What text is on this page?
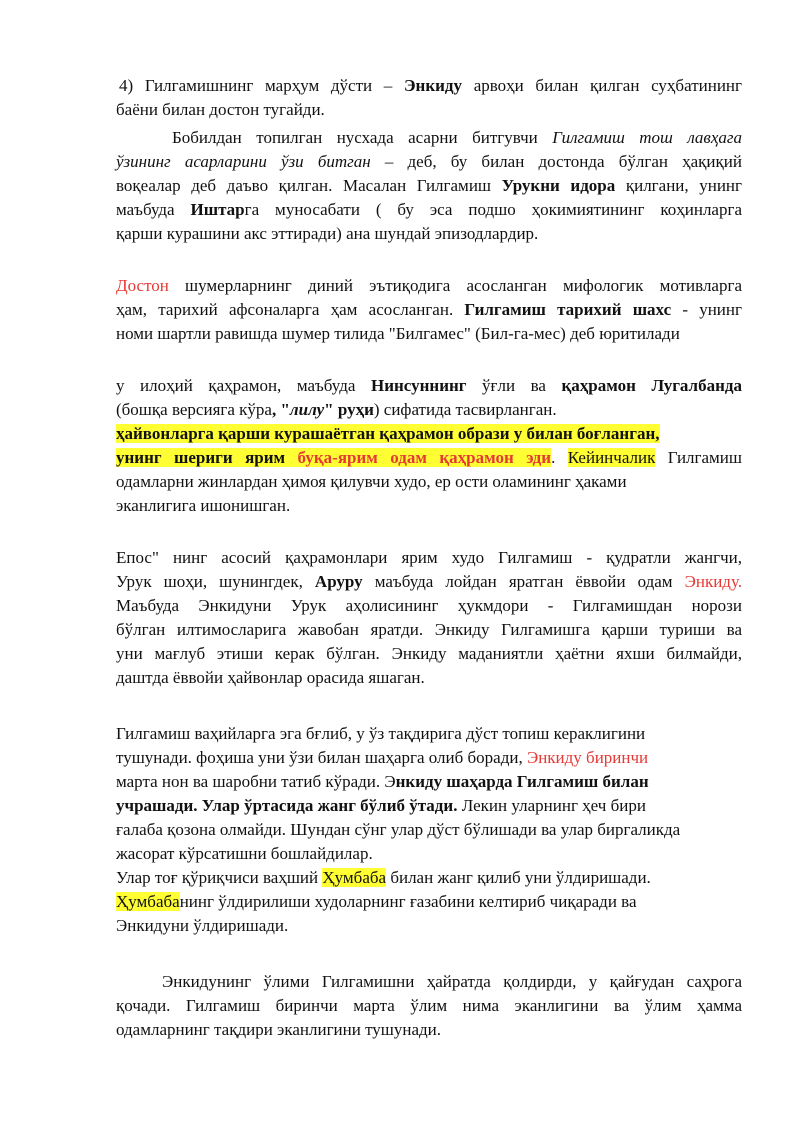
4) Гилгамишнинг марҳум дўсти – Энкиду арвоҳи билан қилган суҳбатининг
баёни билан достон тугайди.
Бобилдан топилган нусхада асарни битгувчи Гилгамиш тош лавҳага
ўзининг асарларини ўзи битган – деб, бу билан достонда бўлган ҳақиқий
воқеалар деб даъво қилган. Масалан Гилгамиш Урукни идора қилгани, унинг
маъбуда Иштарга муносабати ( бу эса подшо ҳокимиятининг коҳинларга
қарши курашини акс эттиради) ана шундай эпизодлардир.
Достон шумерларнинг диний эътиқодига асосланган мифологик мотивларга
ҳам, тарихий афсоналарга ҳам асосланган. Гилгамиш тарихий шахс - унинг
номи шартли равишда шумер тилида "Билгамес" (Бил-га-мес) деб юритилади
у илоҳий қаҳрамон, маъбуда Нинсуннинг ўғли ва қаҳрамон Лугалбанда
(бошқа версияга кўра, "лилу" руҳи) сифатида тасвирланган.
ҳайвонларга қарши курашаётган қаҳрамон образи у билан боғланган,
унинг шериги ярим буқа-ярим одам қаҳрамон эди. Кейинчалик Гилгамиш
одамларни жинлардан ҳимоя қилувчи худо, ер ости оламининг ҳаками
эканлигига ишонишган.
Епос" нинг асосий қаҳрамонлари ярим худо Гилгамиш - қудратли жангчи,
Урук шоҳи, шунингдек, Аруру маъбуда лойдан яратган ёввойи одам Энкиду.
Маъбуда Энкидуни Урук аҳолисининг ҳукмдори - Гилгамишдан норози
бўлган илтимосларига жавобан яратди. Энкиду Гилгамишга қарши туриши ва
уни мағлуб этиши керак бўлган. Энкиду маданиятли ҳаётни яхши билмайди,
даштда ёввойи ҳайвонлар орасида яшаган.
Гилгамиш ваҳийларга эга бғлиб, у ўз тақдирига дўст топиш кераклигини
тушунади. фоҳиша уни ўзи билан шаҳарга олиб боради, Энкиду биринчи
марта нон ва шаробни татиб кўради. Энкиду шаҳарда Гилгамиш билан
учрашади. Улар ўртасида жанг бўлиб ўтади. Лекин уларнинг ҳеч бири
ғалаба қозона олмайди. Шундан сўнг улар дўст бўлишади ва улар биргаликда
жасорат кўрсатишни бошлайдилар.
Улар тоғ қўриқчиси ваҳший Ҳумбаба билан жанг қилиб уни ўлдиришади.
Ҳумбабанинг ўлдирилиши худоларнинг ғазабини келтириб чиқаради ва
Энкидуни ўлдиришади.
Энкидунинг ўлими Гилгамишни ҳайратда қолдирди, у қайғудан саҳрога
қочади. Гилгамиш биринчи марта ўлим нима эканлигини ва ўлим ҳамма
одамларнинг тақдири эканлигини тушунади.
